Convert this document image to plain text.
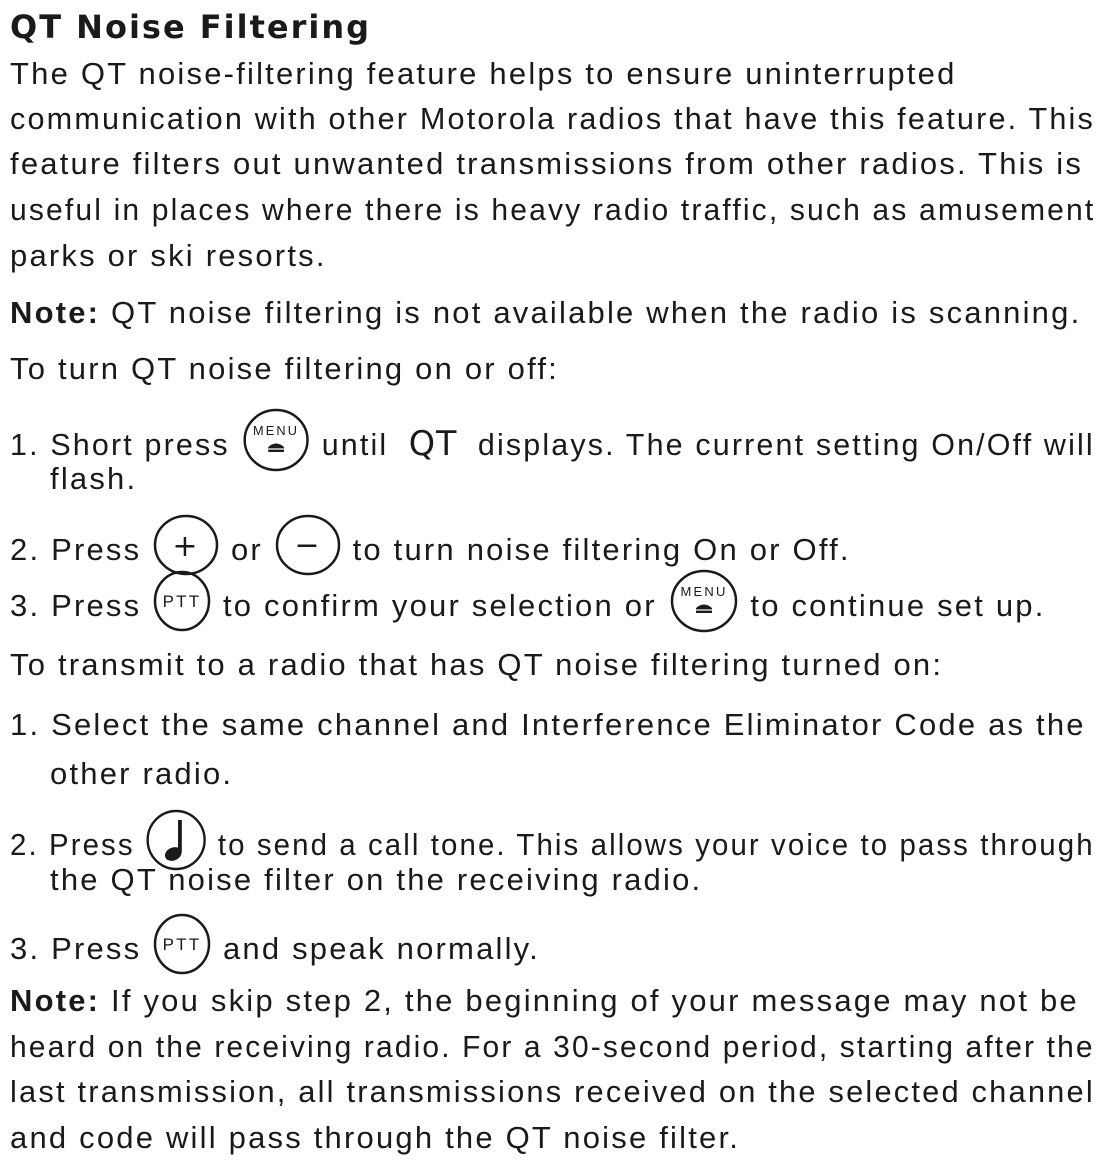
QT Noise Filtering
The QT noise-filtering feature helps to ensure uninterrupted
communication with other Motorola radios that have this feature. This
feature filters out unwanted transmissions from other radios. This is
useful in places where there is heavy radio traffic, such as amusement
parks or ski resorts.
Note: QT noise filtering is not available when the radio is scanning.
To turn QT noise filtering on or off:
1. Short press MENU until QT displays. The current setting On/Off will
flash.
2. Press + or − to turn noise filtering On or Off.
3. Press PTT to confirm your selection or MENU to continue set up.
To transmit to a radio that has QT noise filtering turned on:
1. Select the same channel and Interference Eliminator Code as the
other radio.
2. Press	to send a call tone. This allows your voice to pass through
the QT noise filter on the receiving radio.
3. Press PTT and speak normally.
Note: If you skip step 2, the beginning of your message may not be
heard on the receiving radio. For a 30-second period, starting after the
last transmission, all transmissions received on the selected channel
and code will pass through the QT noise filter.
